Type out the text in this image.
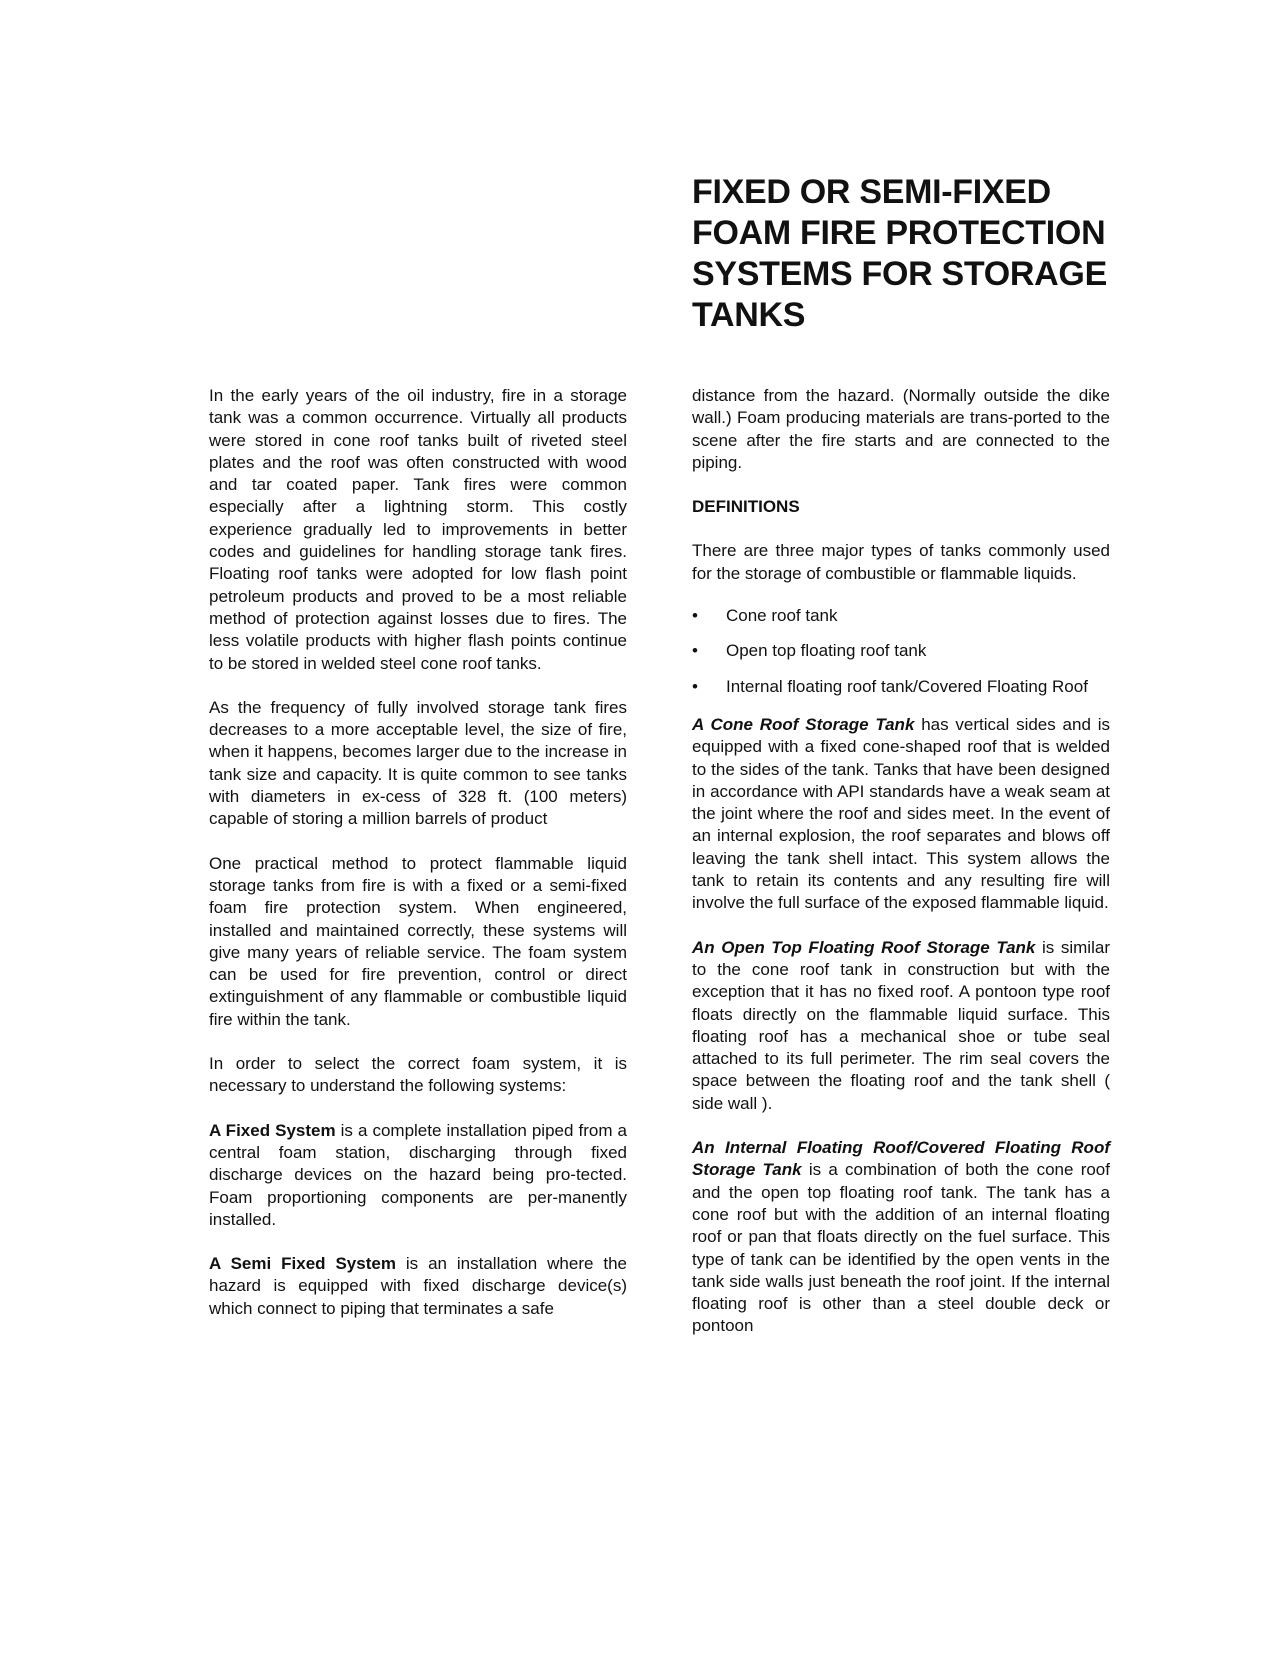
FIXED OR SEMI-FIXED FOAM FIRE PROTECTION SYSTEMS FOR STORAGE TANKS

In the early years of the oil industry, fire in a storage tank was a common occurrence. Virtually all products were stored in cone roof tanks built of riveted steel plates and the roof was often constructed with wood and tar coated paper. Tank fires were common especially after a lightning storm. This costly experience gradually led to improvements in better codes and guidelines for handling storage tank fires. Floating roof tanks were adopted for low flash point petroleum products and proved to be a most reliable method of protection against losses due to fires. The less volatile products with higher flash points continue to be stored in welded steel cone roof tanks.

As the frequency of fully involved storage tank fires decreases to a more acceptable level, the size of fire, when it happens, becomes larger due to the increase in tank size and capacity. It is quite common to see tanks with diameters in ex-cess of 328 ft. (100 meters) capable of storing a million barrels of product

One practical method to protect flammable liquid storage tanks from fire is with a fixed or a semi-fixed foam fire protection system. When engineered, installed and maintained correctly, these systems will give many years of reliable service. The foam system can be used for fire prevention, control or direct extinguishment of any flammable or combustible liquid fire within the tank.

In order to select the correct foam system, it is necessary to understand the following systems:

A Fixed System is a complete installation piped from a central foam station, discharging through fixed discharge devices on the hazard being pro-tected. Foam proportioning components are per-manently installed.

A Semi Fixed System is an installation where the hazard is equipped with fixed discharge device(s) which connect to piping that terminates a safe

distance from the hazard. (Normally outside the dike wall.) Foam producing materials are trans-ported to the scene after the fire starts and are connected to the piping.

DEFINITIONS

There are three major types of tanks commonly used for the storage of combustible or flammable liquids.

• Cone roof tank
• Open top floating roof tank
• Internal floating roof tank/Covered Floating Roof

A Cone Roof Storage Tank has vertical sides and is equipped with a fixed cone-shaped roof that is welded to the sides of the tank. Tanks that have been designed in accordance with API standards have a weak seam at the joint where the roof and sides meet. In the event of an internal explosion, the roof separates and blows off leaving the tank shell intact. This system allows the tank to retain its contents and any resulting fire will involve the full surface of the exposed flammable liquid.

An Open Top Floating Roof Storage Tank is similar to the cone roof tank in construction but with the exception that it has no fixed roof. A pontoon type roof floats directly on the flammable liquid surface. This floating roof has a mechanical shoe or tube seal attached to its full perimeter. The rim seal covers the space between the floating roof and the tank shell ( side wall ).

An Internal Floating Roof/Covered Floating Roof Storage Tank is a combination of both the cone roof and the open top floating roof tank. The tank has a cone roof but with the addition of an internal floating roof or pan that floats directly on the fuel surface. This type of tank can be identified by the open vents in the tank side walls just beneath the roof joint. If the internal floating roof is other than a steel double deck or pontoon
